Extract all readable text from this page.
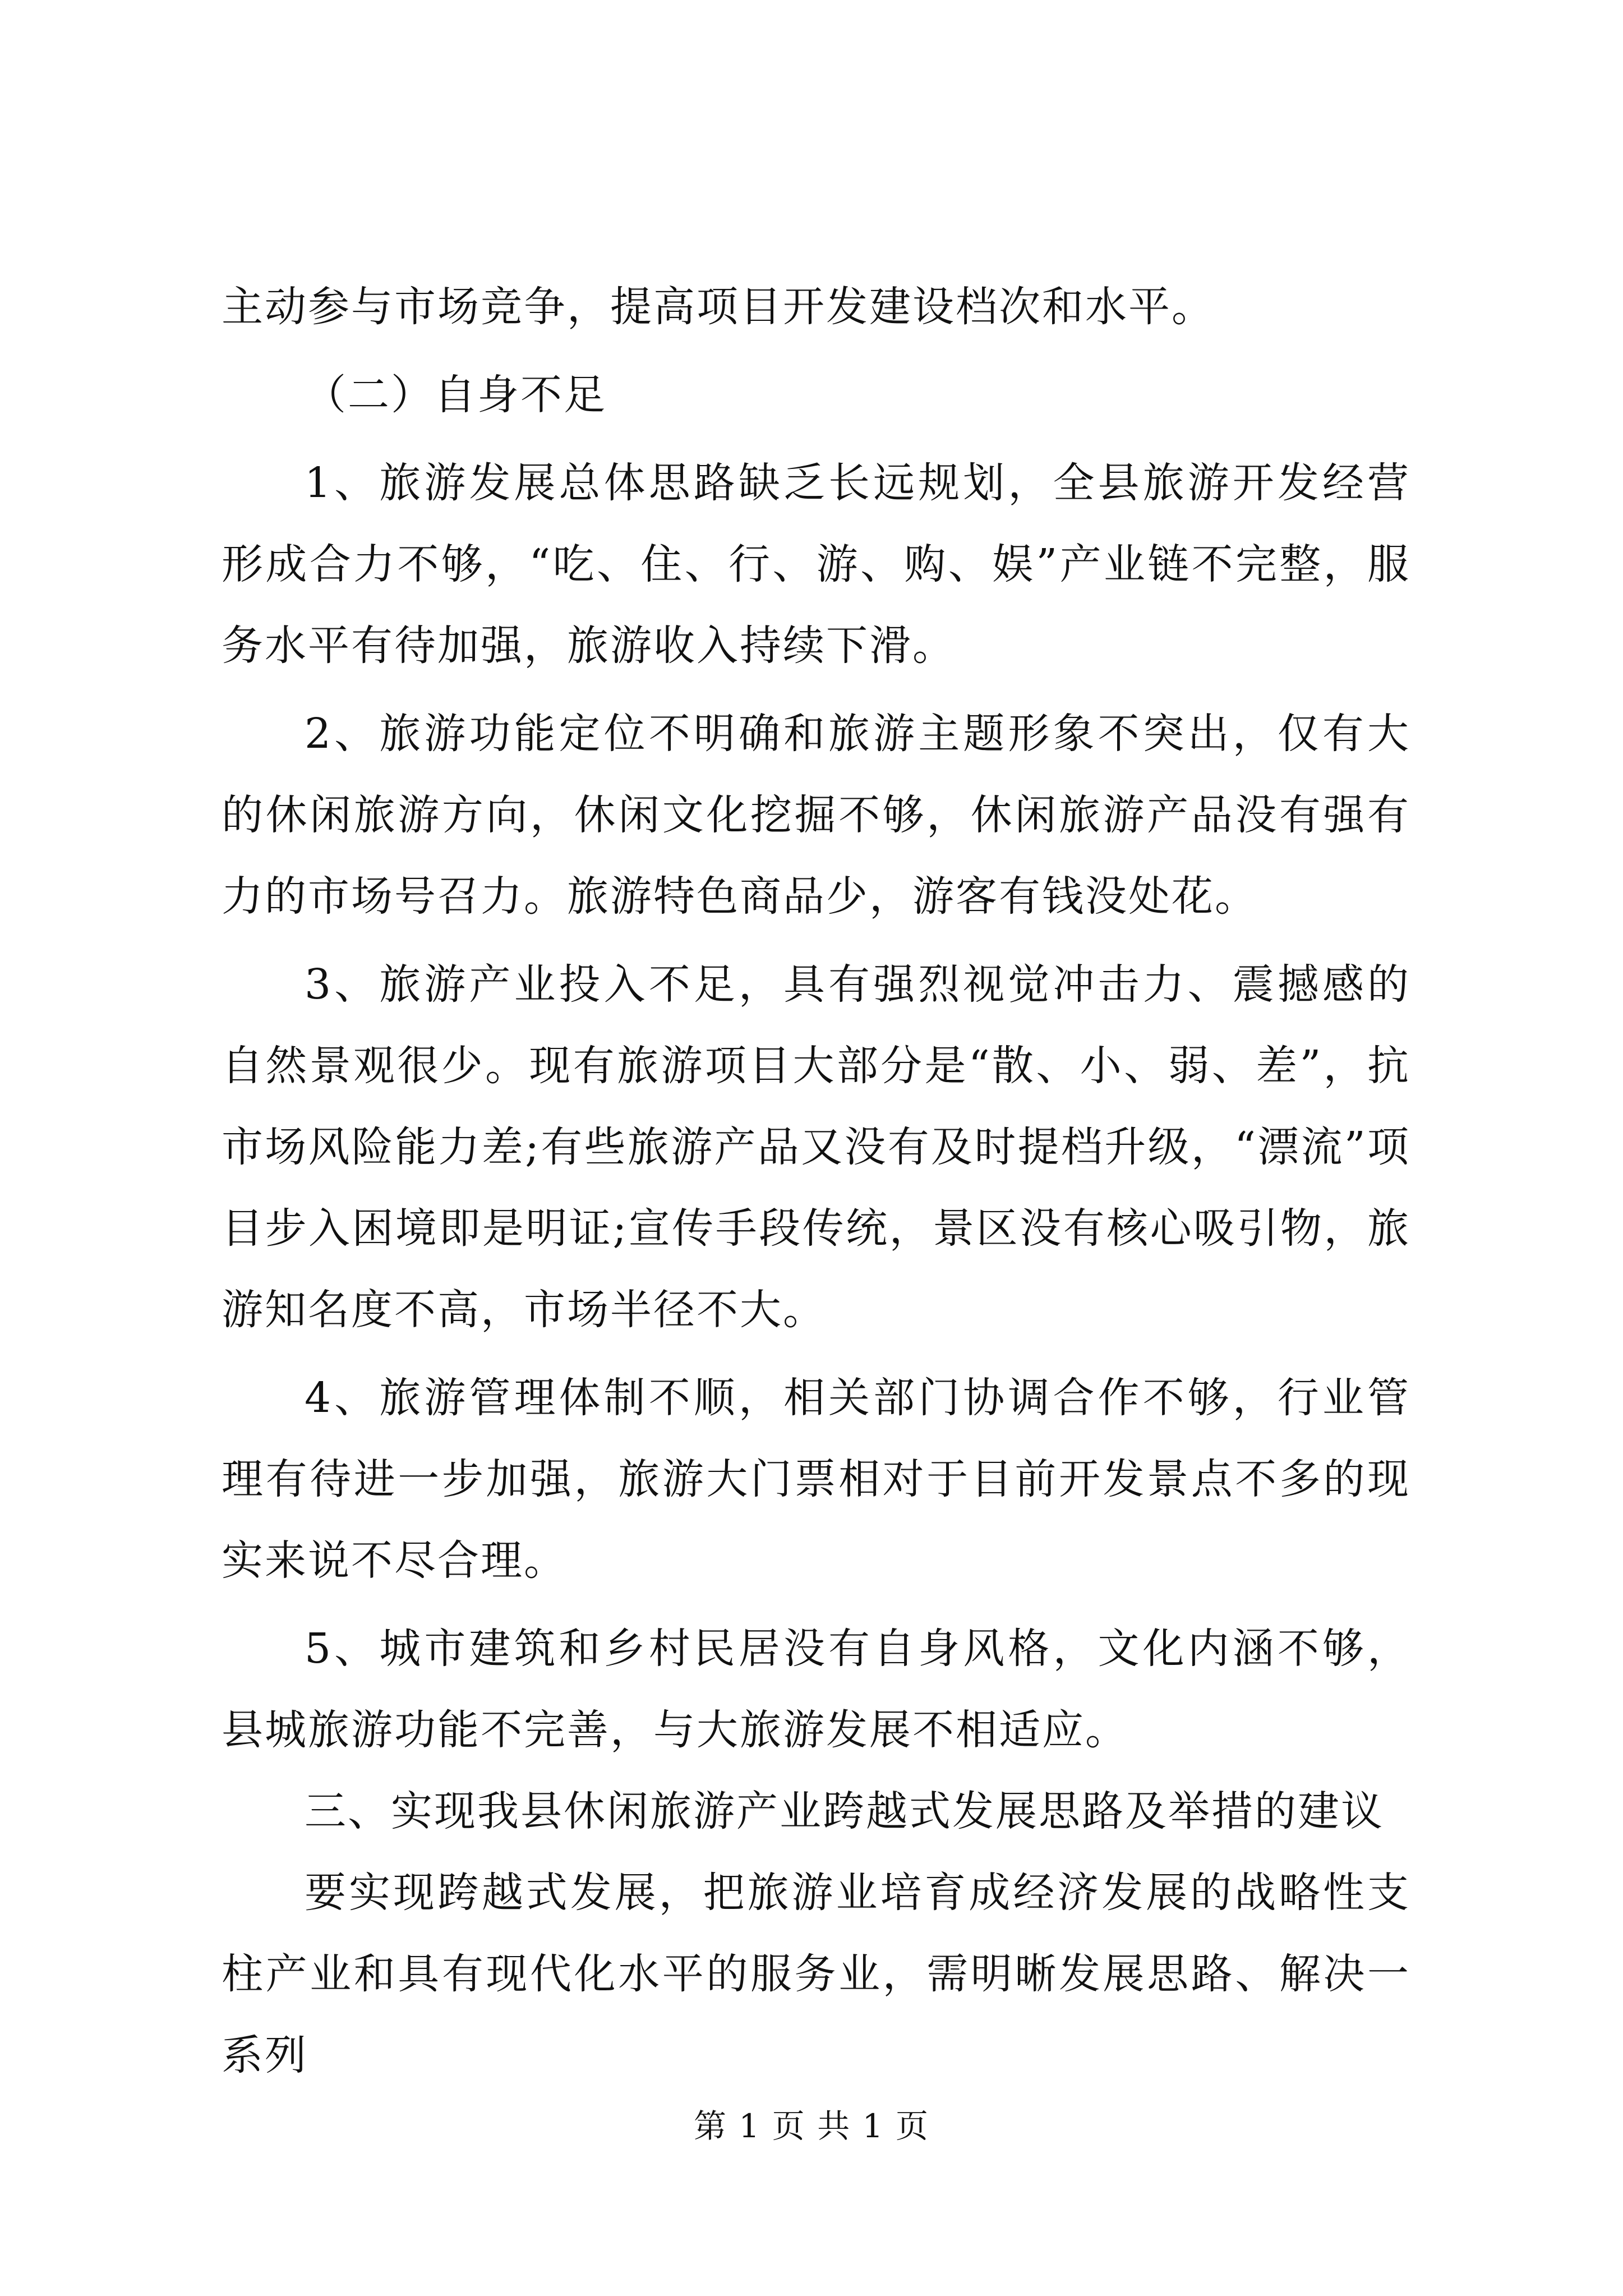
主动参与市场竞争，提高项目开发建设档次和水平。

（二）自身不足

1、旅游发展总体思路缺乏长远规划，全县旅游开发经营形成合力不够，“吃、住、行、游、购、娱”产业链不完整，服务水平有待加强，旅游收入持续下滑。

2、旅游功能定位不明确和旅游主题形象不突出，仅有大的休闲旅游方向，休闲文化挖掘不够，休闲旅游产品没有强有力的市场号召力。旅游特色商品少，游客有钱没处花。

3、旅游产业投入不足，具有强烈视觉冲击力、震撼感的自然景观很少。现有旅游项目大部分是“散、小、弱、差”，抗市场风险能力差;有些旅游产品又没有及时提档升级，“漂流”项目步入困境即是明证;宣传手段传统，景区没有核心吸引物，旅游知名度不高，市场半径不大。

4、旅游管理体制不顺，相关部门协调合作不够，行业管理有待进一步加强，旅游大门票相对于目前开发景点不多的现实来说不尽合理。

5、城市建筑和乡村民居没有自身风格，文化内涵不够，县城旅游功能不完善，与大旅游发展不相适应。

三、实现我县休闲旅游产业跨越式发展思路及举措的建议

要实现跨越式发展，把旅游业培育成经济发展的战略性支柱产业和具有现代化水平的服务业，需明晰发展思路、解决一系列

第 1 页 共 1 页
